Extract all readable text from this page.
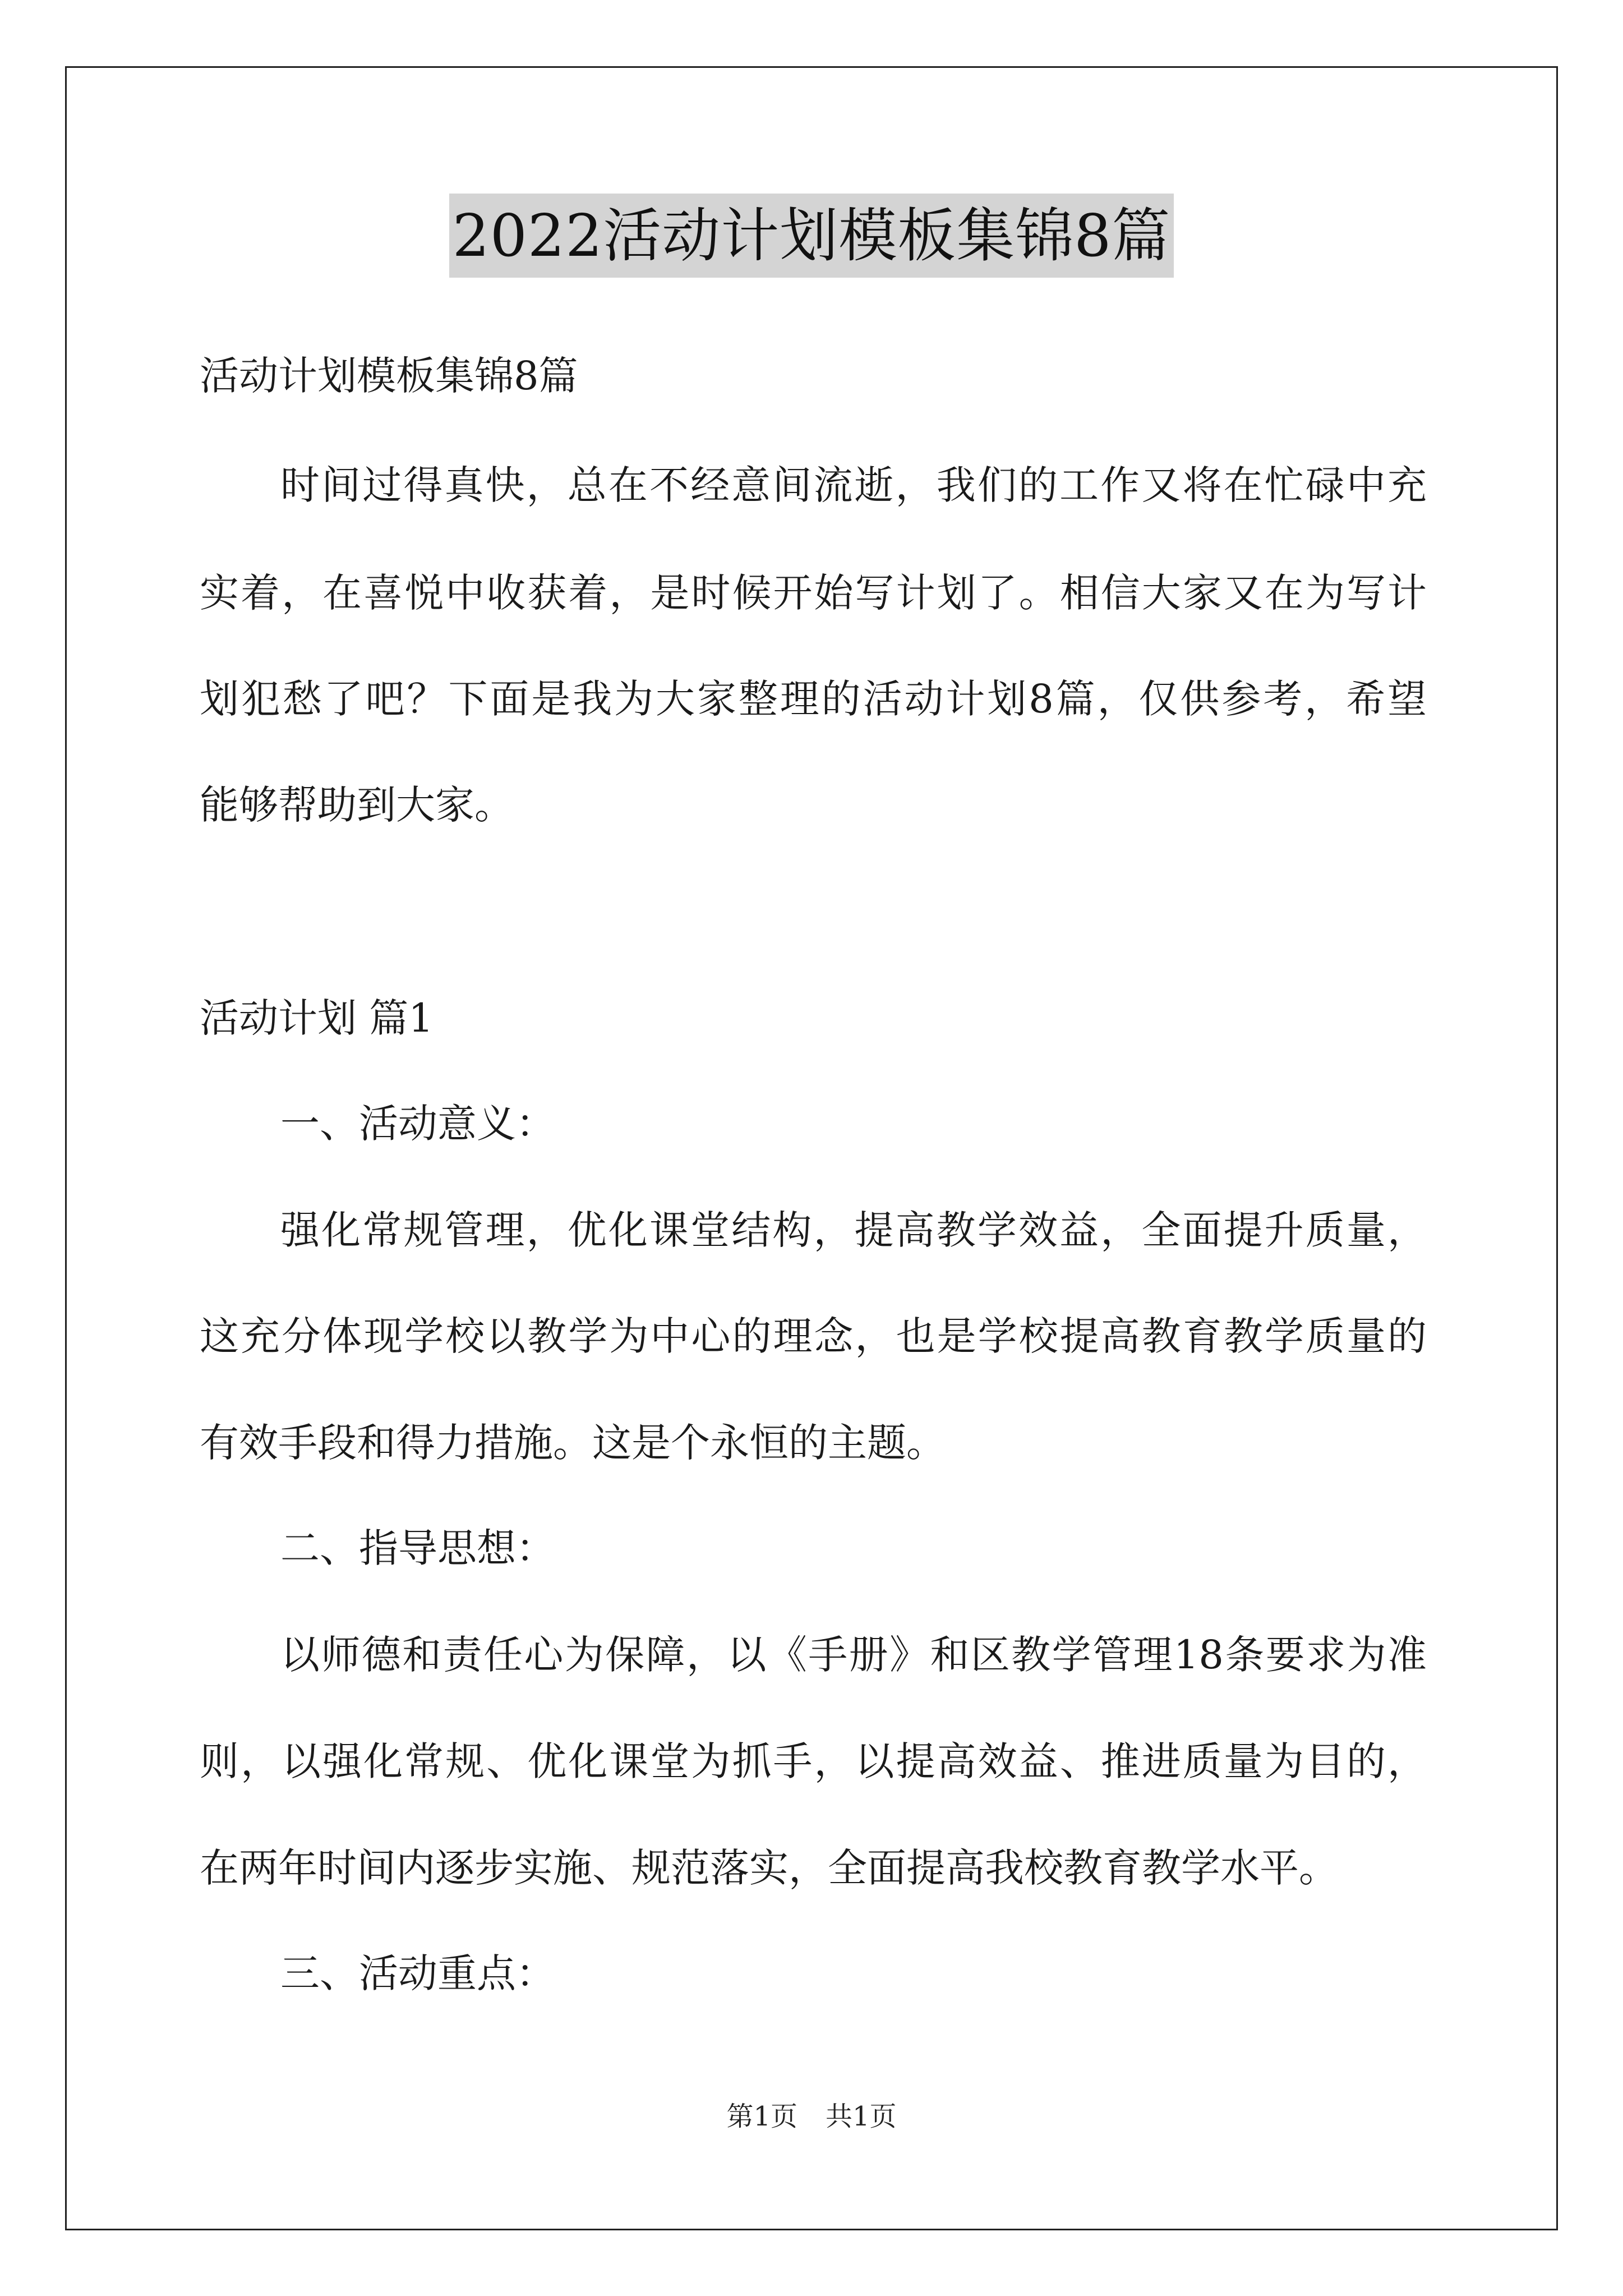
2022活动计划模板集锦8篇
活动计划模板集锦8篇
时间过得真快，总在不经意间流逝，我们的工作又将在忙碌中充
实着，在喜悦中收获着，是时候开始写计划了。相信大家又在为写计
划犯愁了吧？下面是我为大家整理的活动计划8篇，仅供参考，希望
能够帮助到大家。
活动计划 篇1
一、活动意义：
强化常规管理，优化课堂结构，提高教学效益，全面提升质量，
这充分体现学校以教学为中心的理念，也是学校提高教育教学质量的
有效手段和得力措施。这是个永恒的主题。
二、指导思想：
以师德和责任心为保障，以《手册》和区教学管理18条要求为准
则，以强化常规、优化课堂为抓手，以提高效益、推进质量为目的，
在两年时间内逐步实施、规范落实，全面提高我校教育教学水平。
三、活动重点：
第1页 共1页
